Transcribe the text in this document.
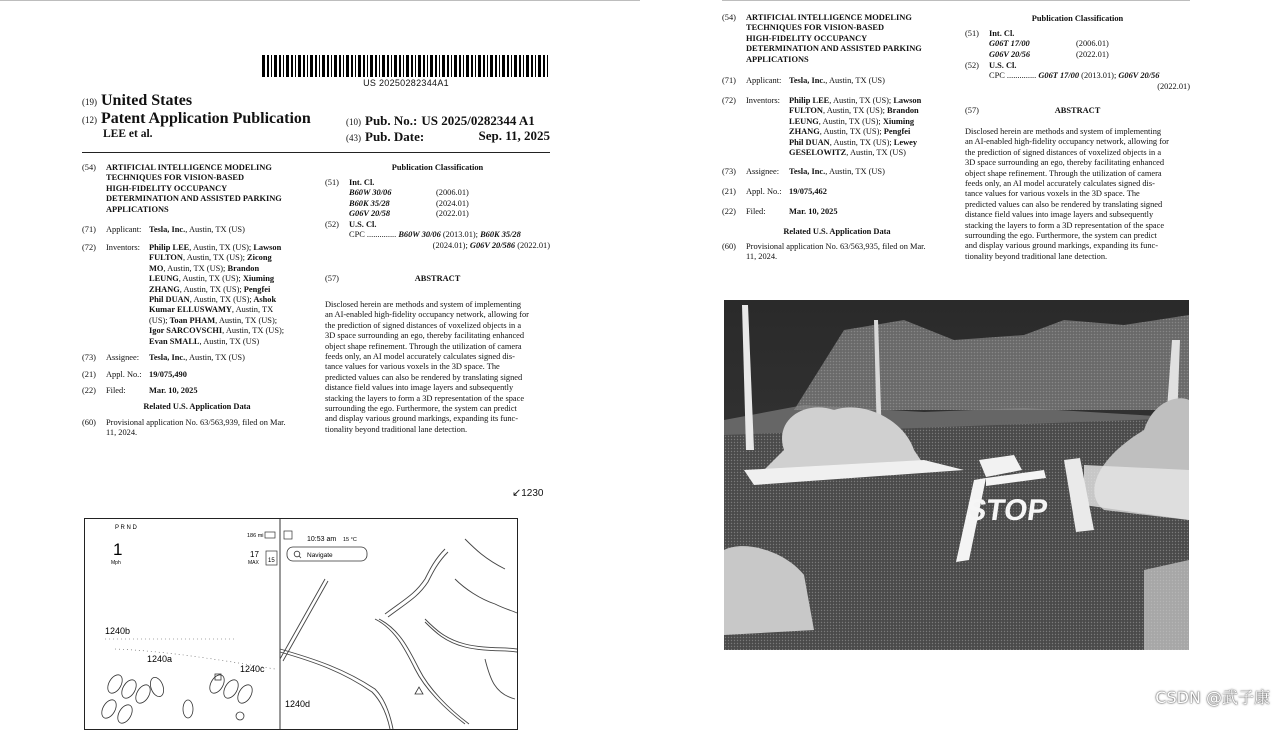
US 20250282344A1
(19) United States
(12) Patent Application Publication
LEE et al.
(10) Pub. No.: US 2025/0282344 A1
(43) Pub. Date:	Sep. 11, 2025
(54)	ARTIFICIAL INTELLIGENCE MODELING
TECHNIQUES FOR VISION-BASED
HIGH-FIDELITY OCCUPANCY
DETERMINATION AND ASSISTED PARKING
APPLICATIONS
(71)	Applicant: Tesla, Inc., Austin, TX (US)
(72)	Inventors: Philip LEE, Austin, TX (US); Lawson
FULTON, Austin, TX (US); Zicong
MO, Austin, TX (US); Brandon
LEUNG, Austin, TX (US); Xiuming
ZHANG, Austin, TX (US); Pengfei
Phil DUAN, Austin, TX (US); Ashok
Kumar ELLUSWAMY, Austin, TX
(US); Toan PHAM, Austin, TX (US);
Igor SARCOVSCHI, Austin, TX (US);
Evan SMALL, Austin, TX (US)
(73)	Assignee: Tesla, Inc., Austin, TX (US)
(21)	Appl. No.: 19/075,490
(22)	Filed:	Mar. 10, 2025
Related U.S. Application Data
(60)	Provisional application No. 63/563,939, filed on Mar.
11, 2024.
Publication Classification
(51)	Int. Cl.
B60W 30/06	(2006.01)
B60K 35/28	(2024.01)
G06V 20/58	(2022.01)
(52)	U.S. Cl.
CPC .............. B60W 30/06 (2013.01); B60K 35/28
(2024.01); G06V 20/586 (2022.01)
(57)	ABSTRACT
Disclosed herein are methods and system of implementing
an AI-enabled high-fidelity occupancy network, allowing for
the prediction of signed distances of voxelized objects in a
3D space surrounding an ego, thereby facilitating enhanced
object shape refinement. Through the utilization of camera
feeds only, an AI model accurately calculates signed dis-
tance values for various voxels in the 3D space. The
predicted values can also be rendered by translating signed
distance field values into image layers and subsequently
stacking the layers to form a 3D representation of the space
surrounding the ego. Furthermore, the system can predict
and display various ground markings, expanding its func-
tionality beyond traditional lane detection.
↙1230
P R N D
1
Mph
186 mi
17
MAX 15
10:53 am 15 °C
Navigate
1240b
1240a
1240c
1240d
(54)	ARTIFICIAL INTELLIGENCE MODELING
TECHNIQUES FOR VISION-BASED
HIGH-FIDELITY OCCUPANCY
DETERMINATION AND ASSISTED PARKING
APPLICATIONS
(71)	Applicant: Tesla, Inc., Austin, TX (US)
(72)	Inventors: Philip LEE, Austin, TX (US); Lawson
FULTON, Austin, TX (US); Brandon
LEUNG, Austin, TX (US); Xiuming
ZHANG, Austin, TX (US); Pengfei
Phil DUAN, Austin, TX (US); Lewey
GESELOWITZ, Austin, TX (US)
(73)	Assignee: Tesla, Inc., Austin, TX (US)
(21)	Appl. No.: 19/075,462
(22)	Filed:	Mar. 10, 2025
Related U.S. Application Data
(60)	Provisional application No. 63/563,935, filed on Mar.
11, 2024.
Publication Classification
(51)	Int. Cl.
G06T 17/00	(2006.01)
G06V 20/56	(2022.01)
(52)	U.S. Cl.
CPC .............. G06T 17/00 (2013.01); G06V 20/56
(2022.01)
(57)	ABSTRACT
Disclosed herein are methods and system of implementing
an AI-enabled high-fidelity occupancy network, allowing for
the prediction of signed distances of voxelized objects in a
3D space surrounding an ego, thereby facilitating enhanced
object shape refinement. Through the utilization of camera
feeds only, an AI model accurately calculates signed dis-
tance values for various voxels in the 3D space. The
predicted values can also be rendered by translating signed
distance field values into image layers and subsequently
stacking the layers to form a 3D representation of the space
surrounding the ego. Furthermore, the system can predict
and display various ground markings, expanding its func-
tionality beyond traditional lane detection.
STOP
CSDN @武子康
